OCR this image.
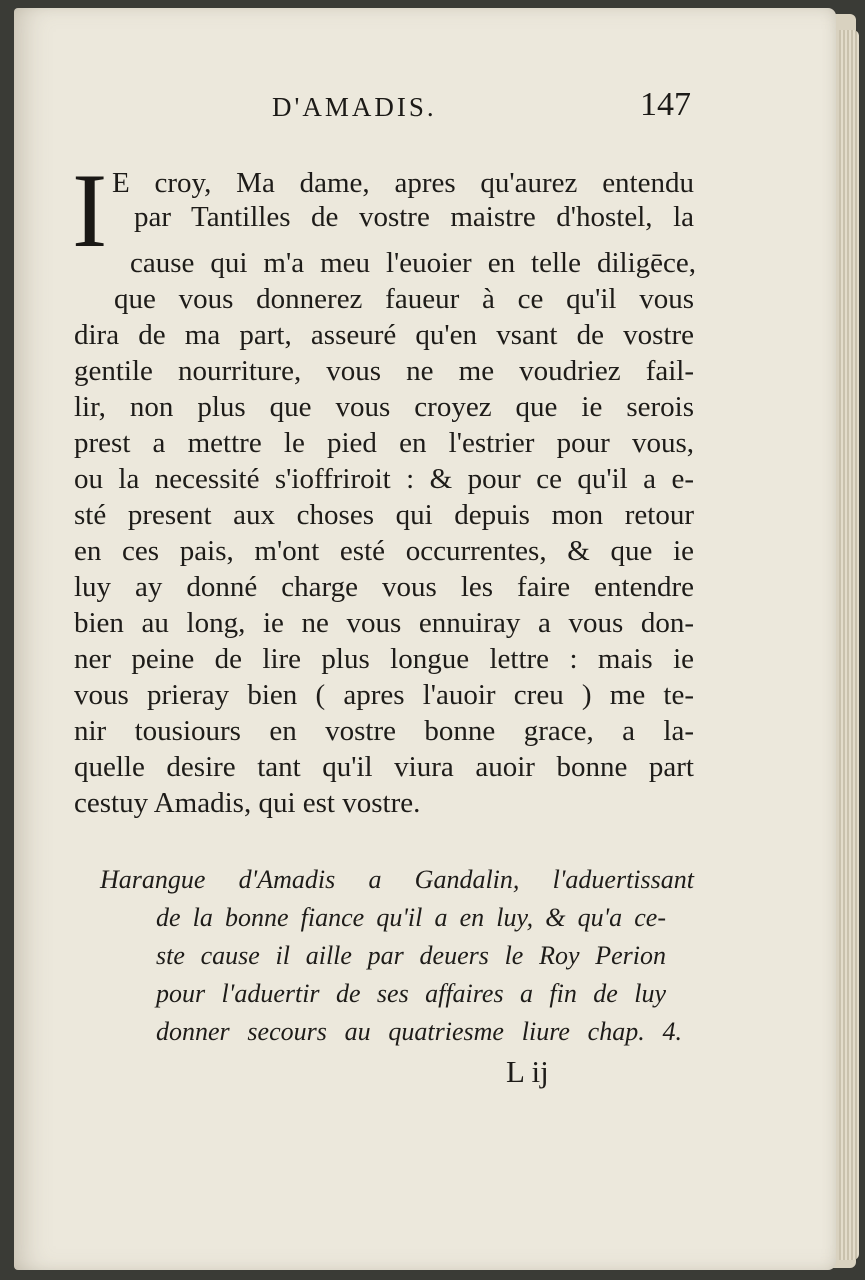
D'AMADIS.	147
I E croy, Ma dame, apres qu'aurez entendu

par Tantilles de vostre maistre d'hostel, la

cause qui m'a meu l'euoier en telle diligēce,

que vous donnerez faueur à ce qu'il vous

dira de ma part, asseuré qu'en vsant de vostre

gentile nourriture, vous ne me voudriez fail-

lir, non plus que vous croyez que ie serois

prest a mettre le pied en l'estrier pour vous,

ou la necessité s'ioffriroit : & pour ce qu'il a e-

sté present aux choses qui depuis mon retour

en ces pais, m'ont esté occurrentes, & que ie

luy ay donné charge vous les faire entendre

bien au long, ie ne vous ennuiray a vous don-

ner peine de lire plus longue lettre : mais ie

vous prieray bien ( apres l'auoir creu ) me te-

nir tousiours en vostre bonne grace, a la-

quelle desire tant qu'il viura auoir bonne part

cestuy Amadis, qui est vostre.

Harangue d'Amadis a Gandalin, l'aduertissant

de la bonne fiance qu'il a en luy, & qu'a ce-

ste cause il aille par deuers le Roy Perion

pour l'aduertir de ses affaires a fin de luy

donner secours au quatriesme liure chap. 4.

L ij
